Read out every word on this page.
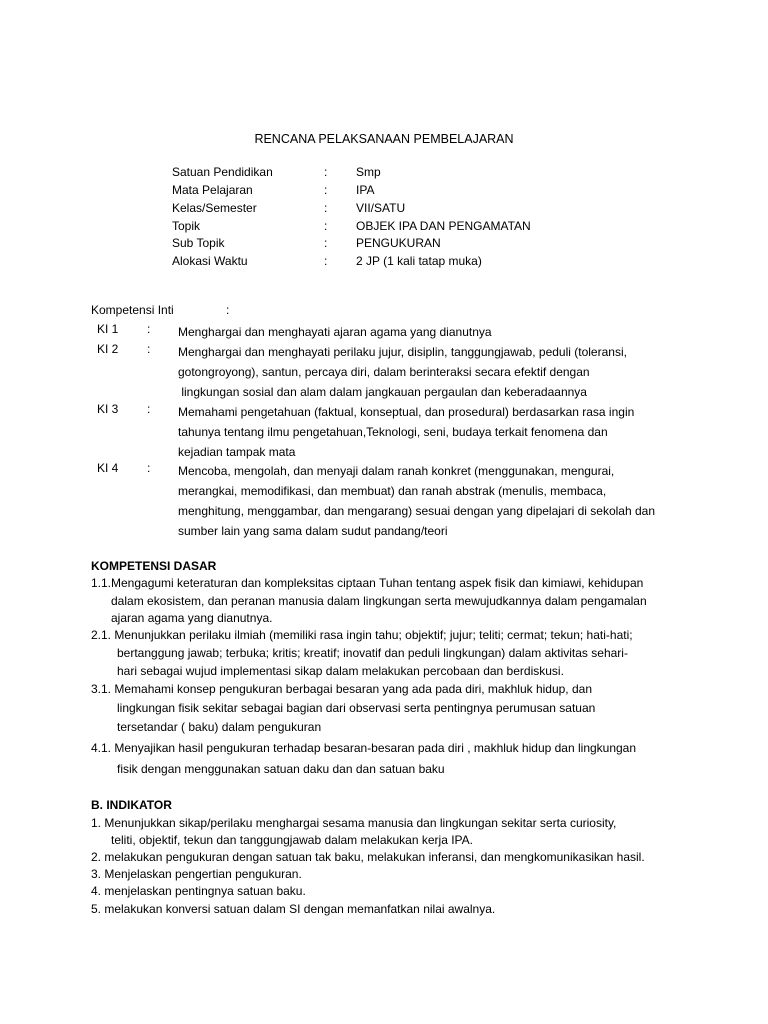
RENCANA PELAKSANAAN PEMBELAJARAN
Satuan Pendidikan	: Smp
Mata Pelajaran	: IPA
Kelas/Semester	: VII/SATU
Topik	: OBJEK IPA DAN PENGAMATAN
Sub Topik	: PENGUKURAN
Alokasi Waktu	: 2 JP (1 kali tatap muka)
Kompetensi Inti	:
KI 1 : Menghargai dan menghayati ajaran agama yang dianutnya
KI 2 : Menghargai dan menghayati perilaku jujur, disiplin, tanggungjawab, peduli (toleransi,
gotongroyong), santun, percaya diri, dalam berinteraksi secara efektif dengan
lingkungan sosial dan alam dalam jangkauan pergaulan dan keberadaannya
KI 3 : Memahami pengetahuan (faktual, konseptual, dan prosedural) berdasarkan rasa ingin
tahunya tentang ilmu pengetahuan,Teknologi, seni, budaya terkait fenomena dan
kejadian tampak mata
KI 4 : Mencoba, mengolah, dan menyaji dalam ranah konkret (menggunakan, mengurai,
merangkai, memodifikasi, dan membuat) dan ranah abstrak (menulis, membaca,
menghitung, menggambar, dan mengarang) sesuai dengan yang dipelajari di sekolah dan
sumber lain yang sama dalam sudut pandang/teori
KOMPETENSI DASAR
1.1.Mengagumi keteraturan dan kompleksitas ciptaan Tuhan tentang aspek fisik dan kimiawi, kehidupan
dalam ekosistem, dan peranan manusia dalam lingkungan serta mewujudkannya dalam pengamalan
ajaran agama yang dianutnya.
2.1. Menunjukkan perilaku ilmiah (memiliki rasa ingin tahu; objektif; jujur; teliti; cermat; tekun; hati-hati;
bertanggung jawab; terbuka; kritis; kreatif; inovatif dan peduli lingkungan) dalam aktivitas sehari-
hari sebagai wujud implementasi sikap dalam melakukan percobaan dan berdiskusi.
3.1. Memahami konsep pengukuran berbagai besaran yang ada pada diri, makhluk hidup, dan
lingkungan fisik sekitar sebagai bagian dari observasi serta pentingnya perumusan satuan
tersetandar ( baku) dalam pengukuran
4.1. Menyajikan hasil pengukuran terhadap besaran-besaran pada diri , makhluk hidup dan lingkungan
fisik dengan menggunakan satuan daku dan dan satuan baku
B. INDIKATOR
1. Menunjukkan sikap/perilaku menghargai sesama manusia dan lingkungan sekitar serta curiosity,
teliti, objektif, tekun dan tanggungjawab dalam melakukan kerja IPA.
2. melakukan pengukuran dengan satuan tak baku, melakukan inferansi, dan mengkomunikasikan hasil.
3. Menjelaskan pengertian pengukuran.
4. menjelaskan pentingnya satuan baku.
5. melakukan konversi satuan dalam SI dengan memanfatkan nilai awalnya.
